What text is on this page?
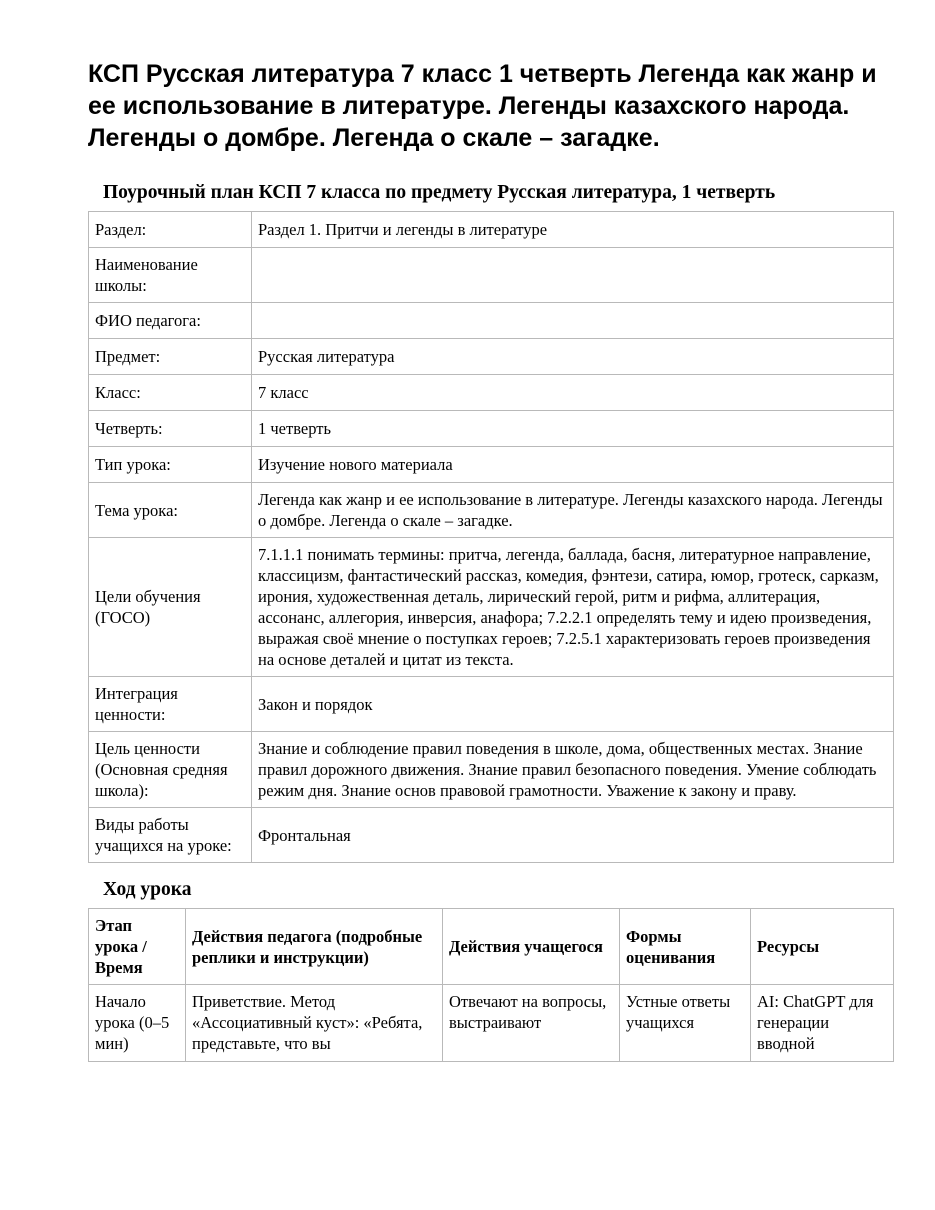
КСП Русская литература 7 класс 1 четверть Легенда как жанр и ее использование в литературе. Легенды казахского народа. Легенды о домбре. Легенда о скале – загадке.
Поурочный план КСП 7 класса по предмету Русская литература, 1 четверть
Раздел:	Раздел 1. Притчи и легенды в литературе
Наименование школы:	
ФИО педагога:	
Предмет:	Русская литература
Класс:	7 класс
Четверть:	1 четверть
Тип урока:	Изучение нового материала
Тема урока:	Легенда как жанр и ее использование в литературе. Легенды казахского народа. Легенды о домбре. Легенда о скале – загадке.
Цели обучения (ГОСО)	7.1.1.1 понимать термины: притча, легенда, баллада, басня, литературное направление, классицизм, фантастический рассказ, комедия, фэнтези, сатира, юмор, гротеск, сарказм, ирония, художественная деталь, лирический герой, ритм и рифма, аллитерация, ассонанс, аллегория, инверсия, анафора; 7.2.2.1 определять тему и идею произведения, выражая своё мнение о поступках героев; 7.2.5.1 характеризовать героев произведения на основе деталей и цитат из текста.
Интеграция ценности:	Закон и порядок
Цель ценности (Основная средняя школа):	Знание и соблюдение правил поведения в школе, дома, общественных местах. Знание правил дорожного движения. Знание правил безопасного поведения. Умение соблюдать режим дня. Знание основ правовой грамотности. Уважение к закону и праву.
Виды работы учащихся на уроке:	Фронтальная
Ход урока
Этап урока / Время	Действия педагога (подробные реплики и инструкции)	Действия учащегося	Формы оценивания	Ресурсы

Начало урока (0–5 мин)	Приветствие. Метод «Ассоциативный куст»: «Ребята, представьте, что вы	Отвечают на вопросы, выстраивают	Устные ответы учащихся	AI: ChatGPT для генерации вводной
